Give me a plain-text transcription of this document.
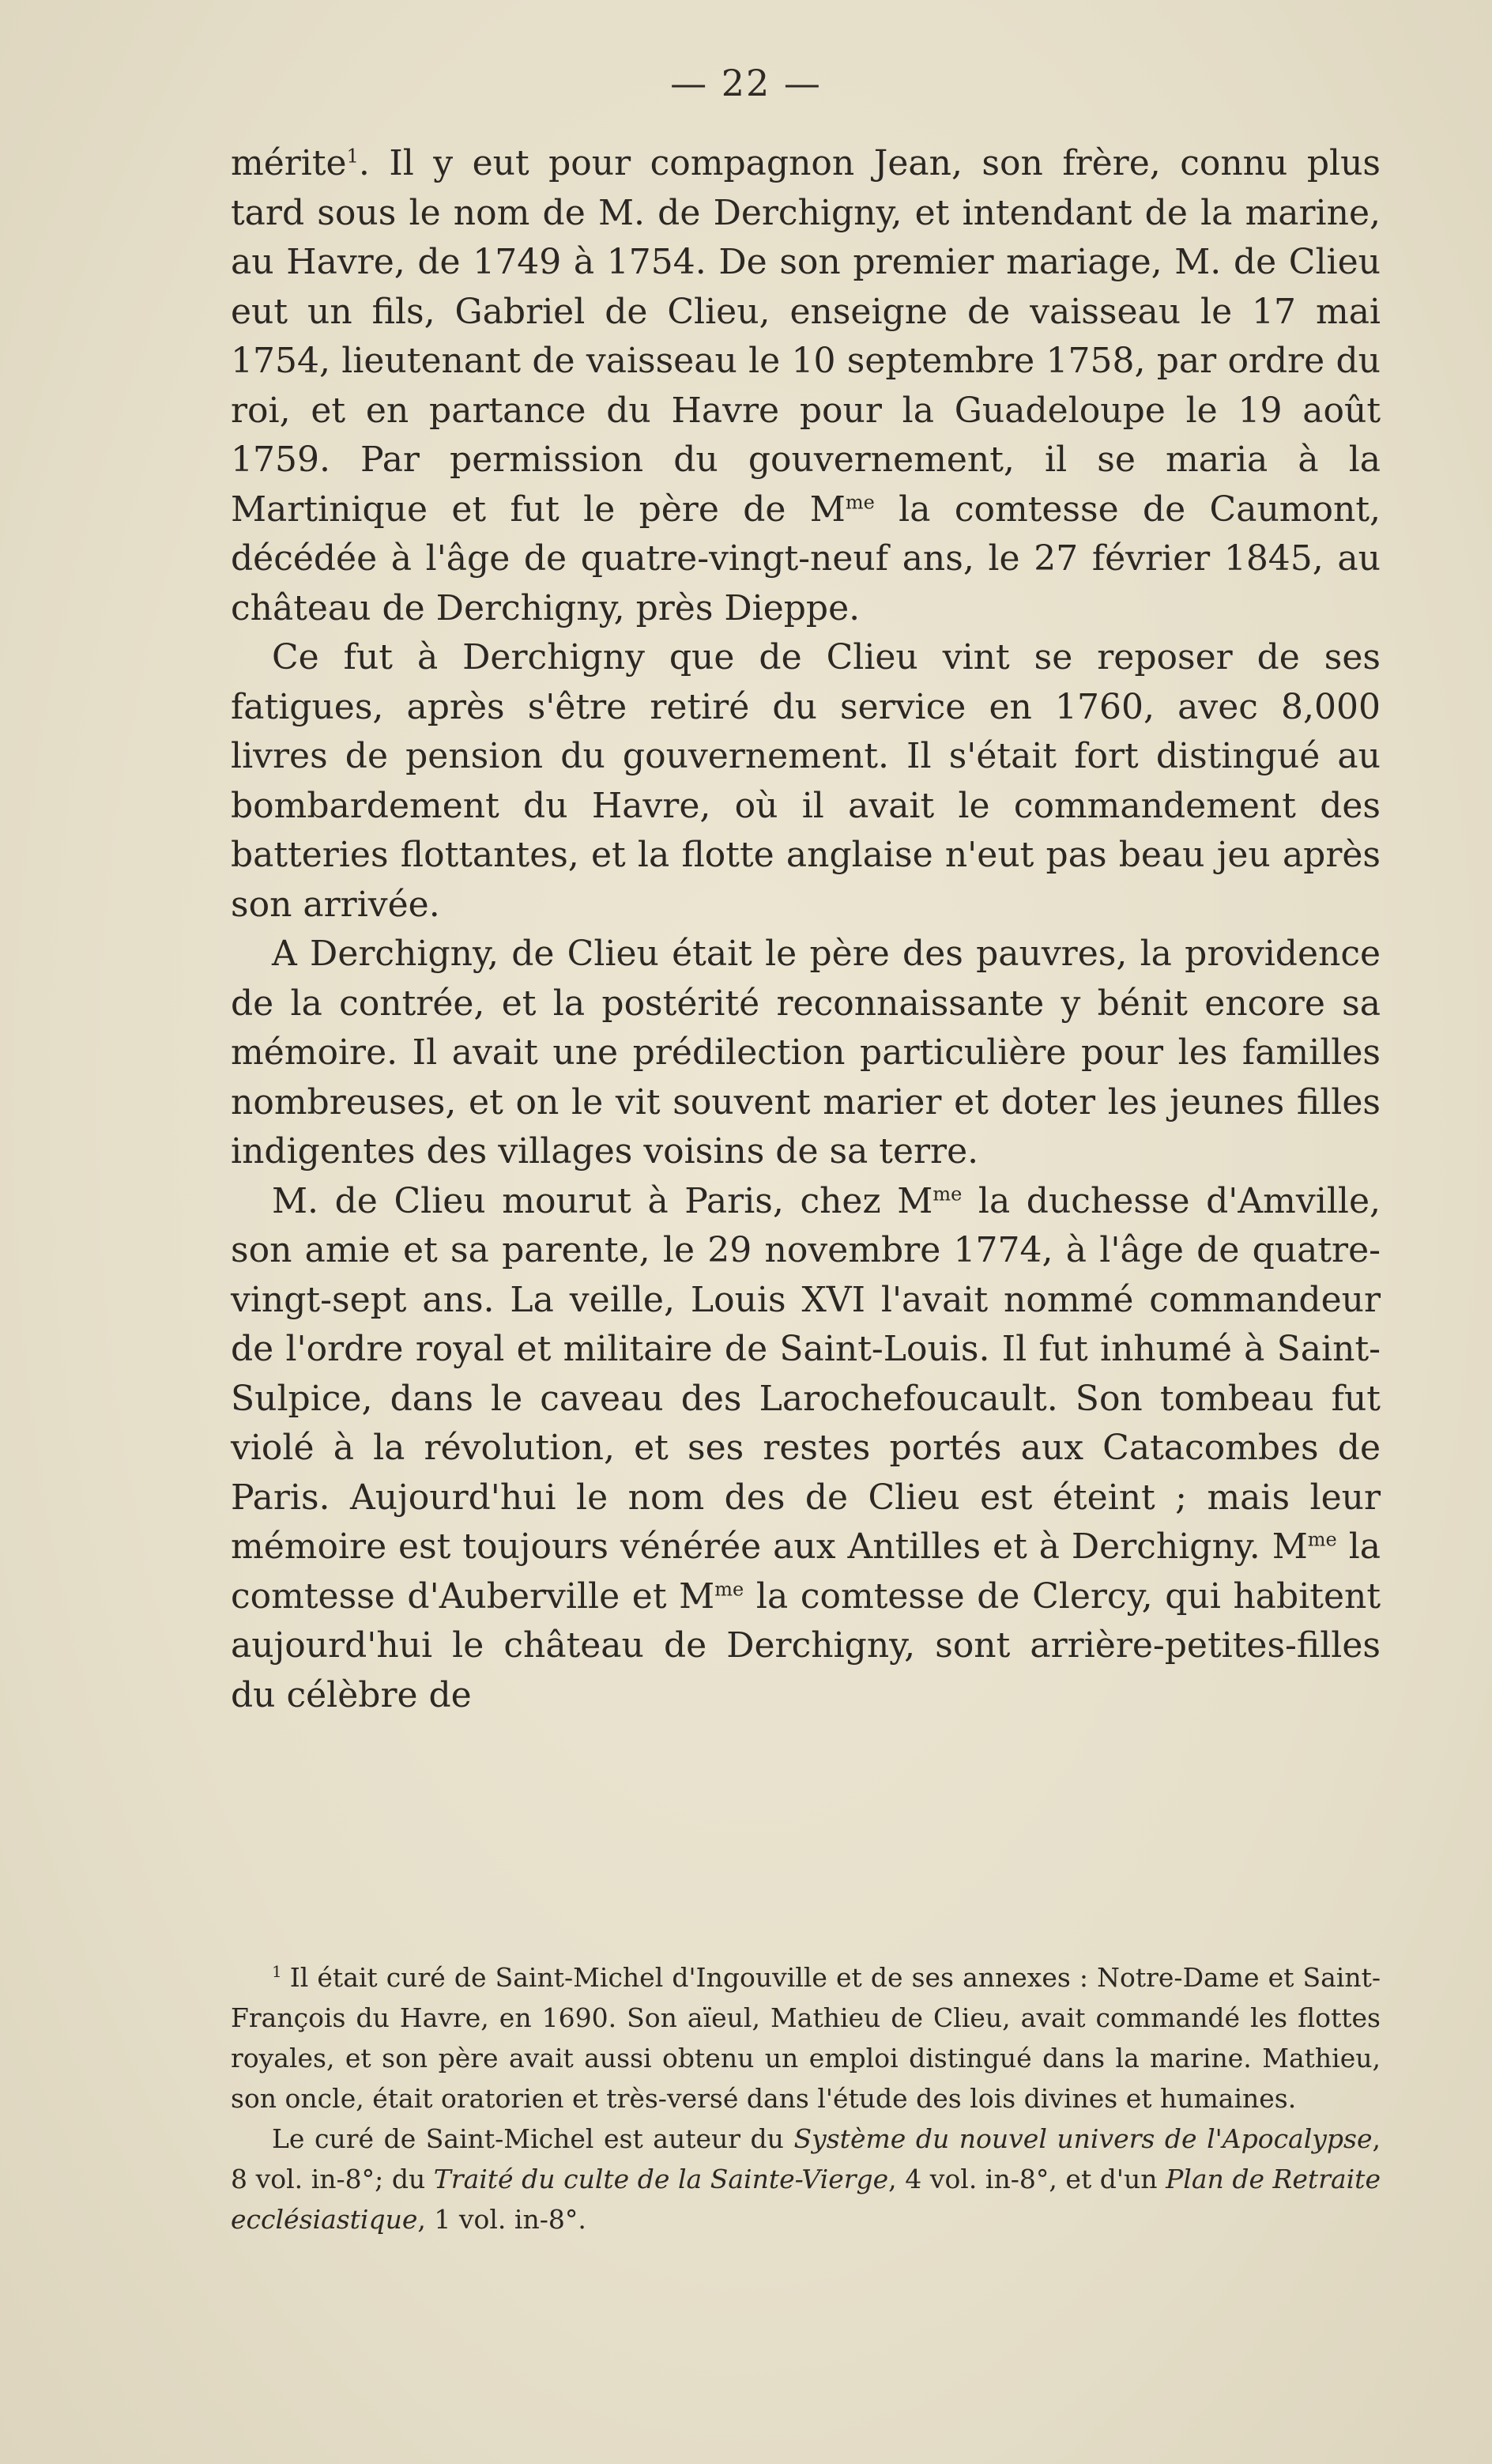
— 22 —

mérite$^1$. Il y eut pour compagnon Jean, son frère, connu plus tard sous le nom de M. de Derchigny, et intendant de la marine, au Havre, de 1749 à 1754. De son premier mariage, M. de Clieu eut un fils, Gabriel de Clieu, enseigne de vaisseau le 17 mai 1754, lieutenant de vaisseau le 10 septembre 1758, par ordre du roi, et en partance du Havre pour la Guadeloupe le 19 août 1759. Par permission du gouvernement, il se maria à la Martinique et fut le père de $M^{me}$ la comtesse de Caumont, décédée à l'âge de quatre-vingt-neuf ans, le 27 février 1845, au château de Derchigny, près Dieppe.

Ce fut à Derchigny que de Clieu vint se reposer de ses fatigues, après s'être retiré du service en 1760, avec 8,000 livres de pension du gouvernement. Il s'était fort distingué au bombardement du Havre, où il avait le commandement des batteries flottantes, et la flotte anglaise n'eut pas beau jeu après son arrivée.

A Derchigny, de Clieu était le père des pauvres, la providence de la contrée, et la postérité reconnaissante y bénit encore sa mémoire. Il avait une prédilection particulière pour les familles nombreuses, et on le vit souvent marier et doter les jeunes filles indigentes des villages voisins de sa terre.

M. de Clieu mourut à Paris, chez $M^{me}$ la duchesse d'Amville, son amie et sa parente, le 29 novembre 1774, à l'âge de quatre-vingt-sept ans. La veille, Louis XVI l'avait nommé commandeur de l'ordre royal et militaire de Saint-Louis. Il fut inhumé à Saint-Sulpice, dans le caveau des Larochefoucault. Son tombeau fut violé à la révolution, et ses restes portés aux Catacombes de Paris. Aujourd'hui le nom des de Clieu est éteint ; mais leur mémoire est toujours vénérée aux Antilles et à Derchigny. $M^{me}$ la comtesse d'Auberville et $M^{me}$ la comtesse de Clercy, qui habitent aujourd'hui le château de Derchigny, sont arrière-petites-filles du célèbre de

$^1$ Il était curé de Saint-Michel d'Ingouville et de ses annexes : Notre-Dame et Saint-François du Havre, en 1690. Son aïeul, Mathieu de Clieu, avait commandé les flottes royales, et son père avait aussi obtenu un emploi distingué dans la marine. Mathieu, son oncle, était oratorien et très-versé dans l'étude des lois divines et humaines.

Le curé de Saint-Michel est auteur du Système du nouvel univers de l'Apocalypse, 8 vol. in-8°; du Traité du culte de la Sainte-Vierge, 4 vol. in-8°, et d'un Plan de Retraite ecclésiastique, 1 vol. in-8°.
